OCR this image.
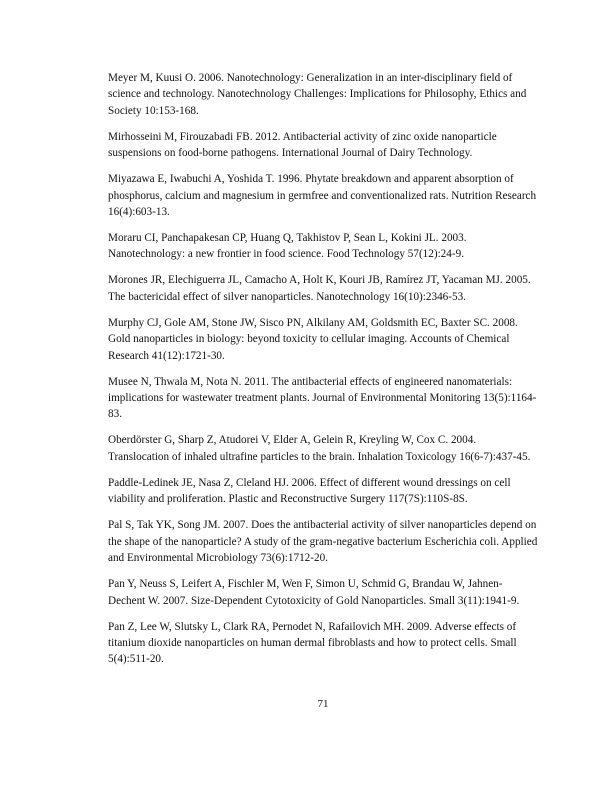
Meyer M, Kuusi O. 2006. Nanotechnology: Generalization in an inter-disciplinary field of science and technology. Nanotechnology Challenges: Implications for Philosophy, Ethics and Society 10:153-168.
Mirhosseini M, Firouzabadi FB. 2012. Antibacterial activity of zinc oxide nanoparticle suspensions on food-borne pathogens. International Journal of Dairy Technology.
Miyazawa E, Iwabuchi A, Yoshida T. 1996. Phytate breakdown and apparent absorption of phosphorus, calcium and magnesium in germfree and conventionalized rats. Nutrition Research 16(4):603-13.
Moraru CI, Panchapakesan CP, Huang Q, Takhistov P, Sean L, Kokini JL. 2003. Nanotechnology: a new frontier in food science. Food Technology 57(12):24-9.
Morones JR, Elechiguerra JL, Camacho A, Holt K, Kouri JB, Ramírez JT, Yacaman MJ. 2005. The bactericidal effect of silver nanoparticles. Nanotechnology 16(10):2346-53.
Murphy CJ, Gole AM, Stone JW, Sisco PN, Alkilany AM, Goldsmith EC, Baxter SC. 2008. Gold nanoparticles in biology: beyond toxicity to cellular imaging. Accounts of Chemical Research 41(12):1721-30.
Musee N, Thwala M, Nota N. 2011. The antibacterial effects of engineered nanomaterials: implications for wastewater treatment plants. Journal of Environmental Monitoring 13(5):1164-83.
Oberdörster G, Sharp Z, Atudorei V, Elder A, Gelein R, Kreyling W, Cox C. 2004. Translocation of inhaled ultrafine particles to the brain. Inhalation Toxicology 16(6-7):437-45.
Paddle-Ledinek JE, Nasa Z, Cleland HJ. 2006. Effect of different wound dressings on cell viability and proliferation. Plastic and Reconstructive Surgery 117(7S):110S-8S.
Pal S, Tak YK, Song JM. 2007. Does the antibacterial activity of silver nanoparticles depend on the shape of the nanoparticle? A study of the gram-negative bacterium Escherichia coli. Applied and Environmental Microbiology 73(6):1712-20.
Pan Y, Neuss S, Leifert A, Fischler M, Wen F, Simon U, Schmid G, Brandau W, Jahnen-Dechent W. 2007. Size-Dependent Cytotoxicity of Gold Nanoparticles. Small 3(11):1941-9.
Pan Z, Lee W, Slutsky L, Clark RA, Pernodet N, Rafailovich MH. 2009. Adverse effects of titanium dioxide nanoparticles on human dermal fibroblasts and how to protect cells. Small 5(4):511-20.
71
